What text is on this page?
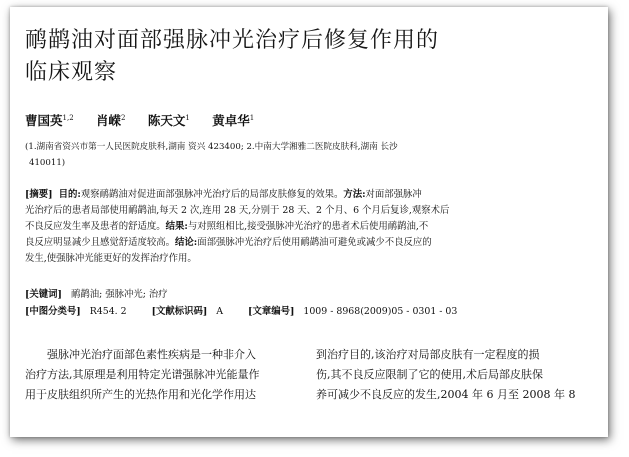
鸸鹋油对面部强脉冲光治疗后修复作用的
临床观察
曹国英$^{1,2}$ 肖嵘$^2$ 陈天文$^1$ 黄卓华$^1$
(1.湖南省资兴市第一人民医院皮肤科,湖南 资兴 423400; 2.中南大学湘雅二医院皮肤科,湖南 长沙
410011)
[摘要] 目的:观察鸸鹋油对促进面部强脉冲光治疗后的局部皮肤修复的效果。方法:对面部强脉冲
光治疗后的患者局部使用鸸鹋油,每天 2 次,连用 28 天,分别于 28 天、2 个月、6 个月后复诊,观察术后
不良反应发生率及患者的舒适度。结果:与对照组相比,接受强脉冲光治疗的患者术后使用鸸鹋油,不
良反应明显减少且感觉舒适度较高。结论:面部强脉冲光治疗后使用鸸鹋油可避免或减少不良反应的
发生,使强脉冲光能更好的发挥治疗作用。
[关键词] 鸸鹋油; 强脉冲光; 治疗
[中图分类号] R454. 2	[文献标识码] A	[文章编号] 1009 - 8968(2009)05 - 0301 - 03
　　强脉冲光治疗面部色素性疾病是一种非介入
治疗方法,其原理是利用特定光谱强脉冲光能量作
用于皮肤组织所产生的光热作用和光化学作用达
到治疗目的,该治疗对局部皮肤有一定程度的损
伤,其不良反应限制了它的使用,术后局部皮肤保
养可减少不良反应的发生,2004 年 6 月至 2008 年 8
